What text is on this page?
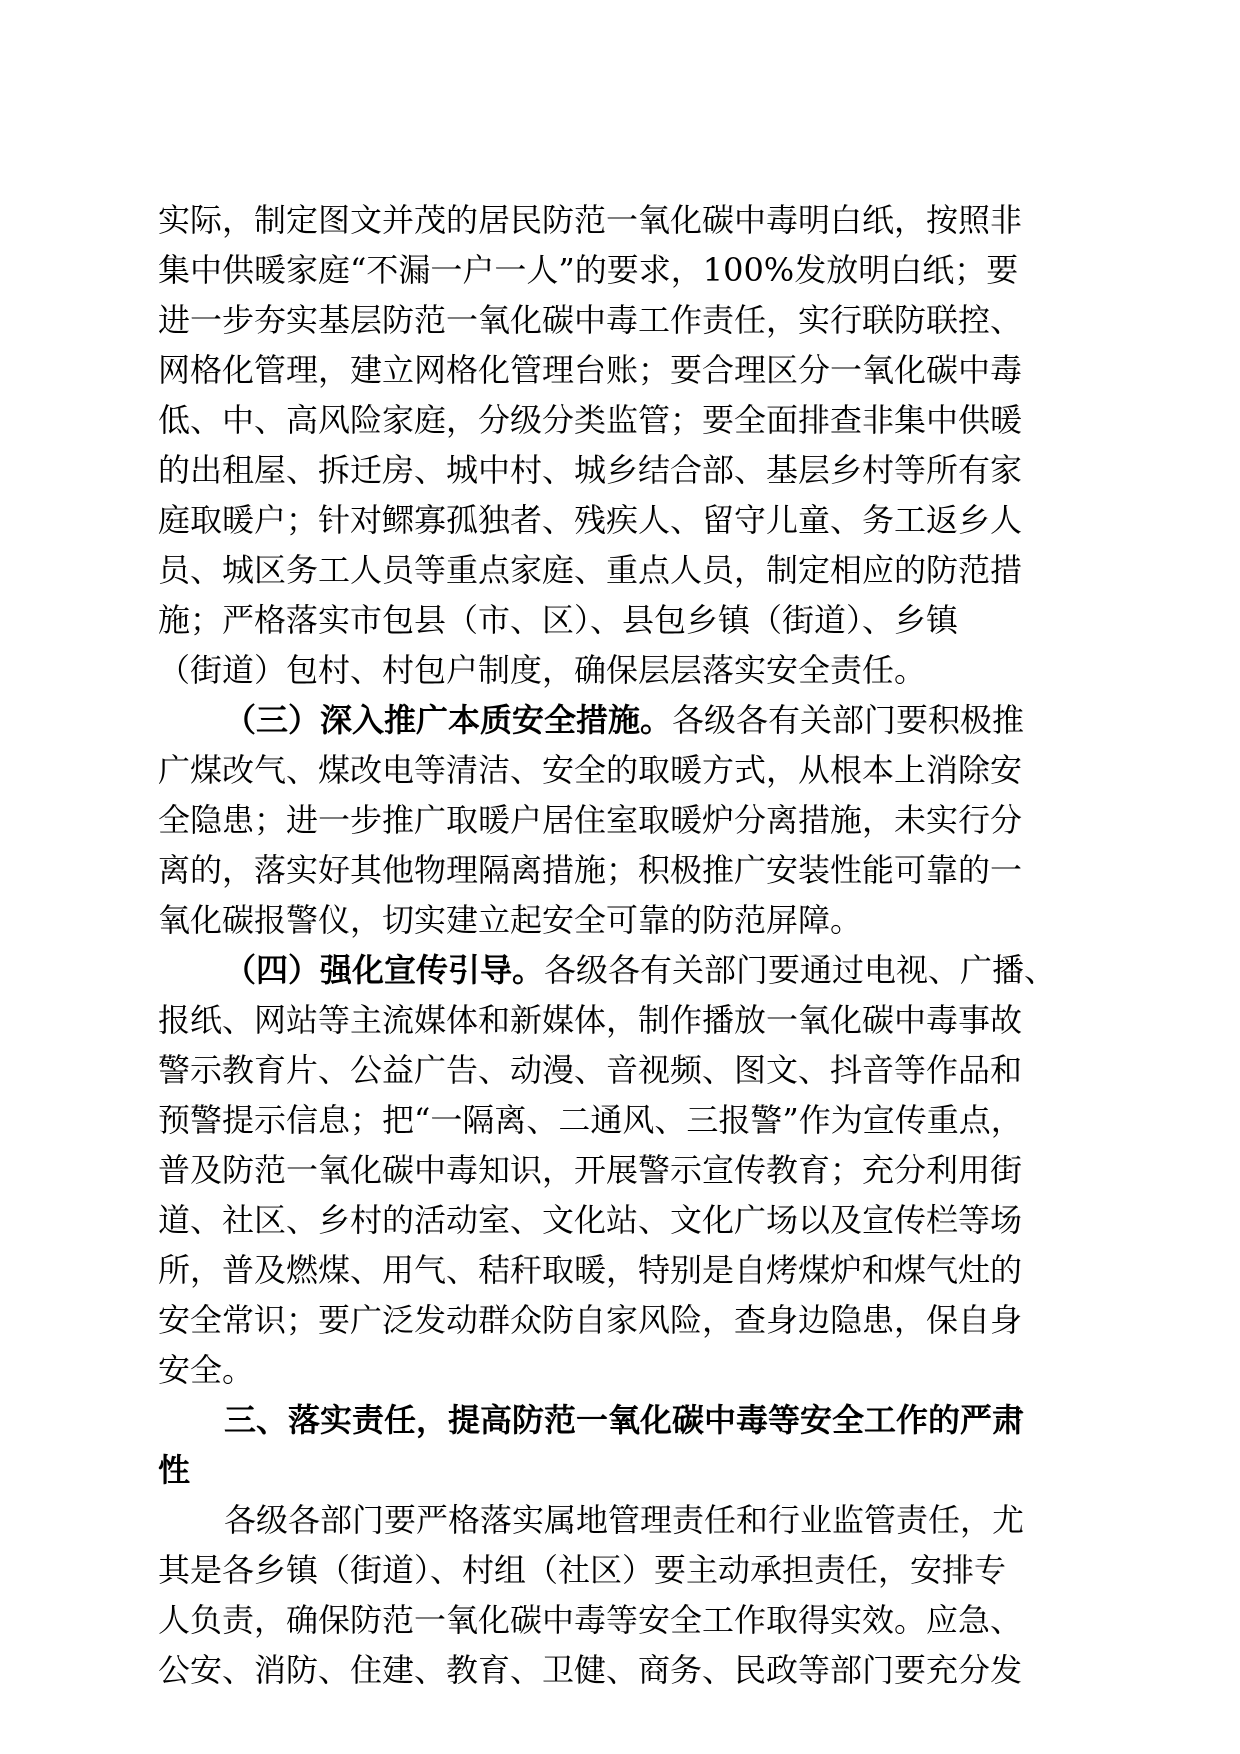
实际，制定图文并茂的居民防范一氧化碳中毒明白纸，按照非
集中供暖家庭“不漏一户一人”的要求，100%发放明白纸；要
进一步夯实基层防范一氧化碳中毒工作责任，实行联防联控、
网格化管理，建立网格化管理台账；要合理区分一氧化碳中毒
低、中、高风险家庭，分级分类监管；要全面排查非集中供暖
的出租屋、拆迁房、城中村、城乡结合部、基层乡村等所有家
庭取暖户；针对鳏寡孤独者、残疾人、留守儿童、务工返乡人
员、城区务工人员等重点家庭、重点人员，制定相应的防范措
施；严格落实市包县（市、区）、县包乡镇（街道）、乡镇
（街道）包村、村包户制度，确保层层落实安全责任。
（三）深入推广本质安全措施。各级各有关部门要积极推
广煤改气、煤改电等清洁、安全的取暖方式，从根本上消除安
全隐患；进一步推广取暖户居住室取暖炉分离措施，未实行分
离的，落实好其他物理隔离措施；积极推广安装性能可靠的一
氧化碳报警仪，切实建立起安全可靠的防范屏障。
（四）强化宣传引导。各级各有关部门要通过电视、广播、
报纸、网站等主流媒体和新媒体，制作播放一氧化碳中毒事故
警示教育片、公益广告、动漫、音视频、图文、抖音等作品和
预警提示信息；把“一隔离、二通风、三报警”作为宣传重点，
普及防范一氧化碳中毒知识，开展警示宣传教育；充分利用街
道、社区、乡村的活动室、文化站、文化广场以及宣传栏等场
所，普及燃煤、用气、秸秆取暖，特别是自烤煤炉和煤气灶的
安全常识；要广泛发动群众防自家风险，查身边隐患，保自身
安全。
三、落实责任，提高防范一氧化碳中毒等安全工作的严肃
性
各级各部门要严格落实属地管理责任和行业监管责任，尤
其是各乡镇（街道）、村组（社区）要主动承担责任，安排专
人负责，确保防范一氧化碳中毒等安全工作取得实效。应急、
公安、消防、住建、教育、卫健、商务、民政等部门要充分发
